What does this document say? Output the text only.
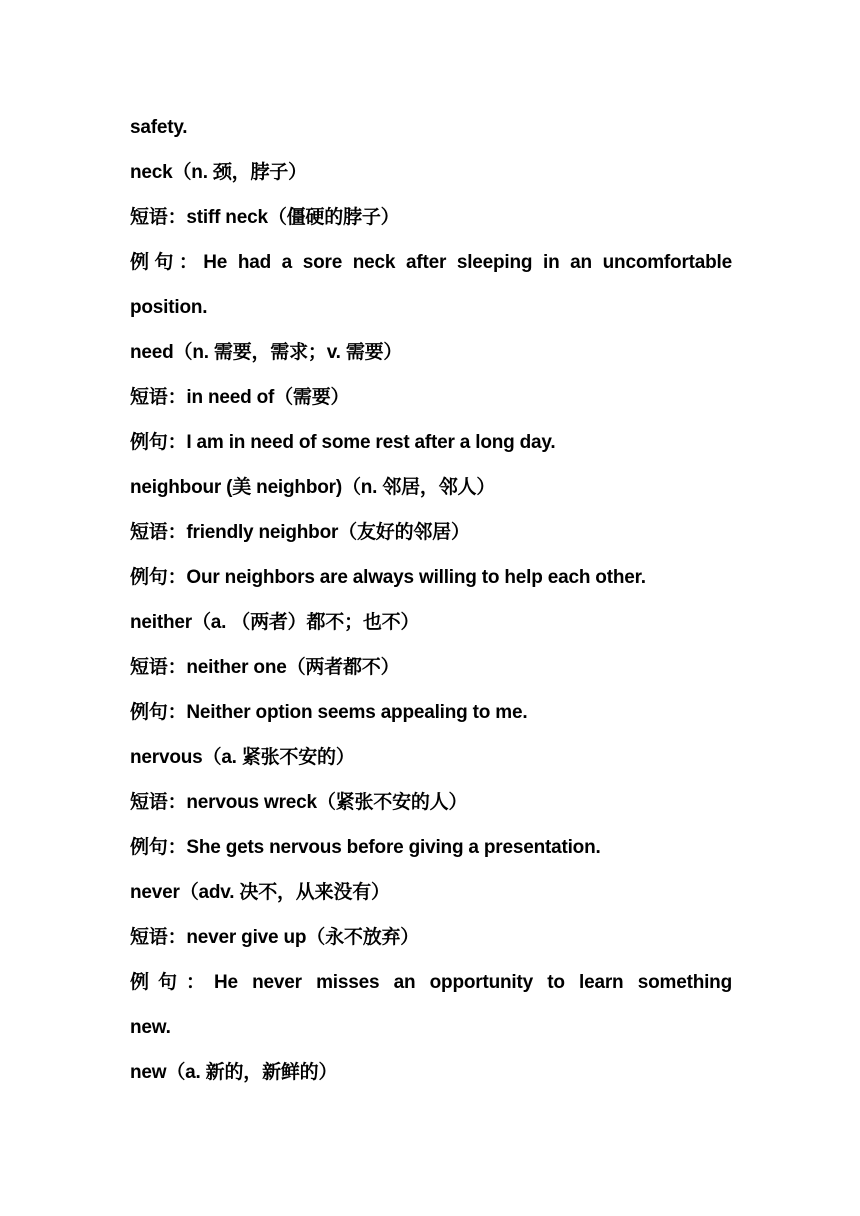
safety.
neck（n. 颈，脖子）
短语：stiff neck（僵硬的脖子）
例句：He had a sore neck after sleeping in an uncomfortable
position.
need（n. 需要，需求；v. 需要）
短语：in need of（需要）
例句：I am in need of some rest after a long day.
neighbour (美 neighbor)（n. 邻居，邻人）
短语：friendly neighbor（友好的邻居）
例句：Our neighbors are always willing to help each other.
neither（a. （两者）都不；也不）
短语：neither one（两者都不）
例句：Neither option seems appealing to me.
nervous（a. 紧张不安的）
短语：nervous wreck（紧张不安的人）
例句：She gets nervous before giving a presentation.
never（adv. 决不，从来没有）
短语：never give up（永不放弃）
例句：He never misses an opportunity to learn something
new.
new（a. 新的，新鲜的）
